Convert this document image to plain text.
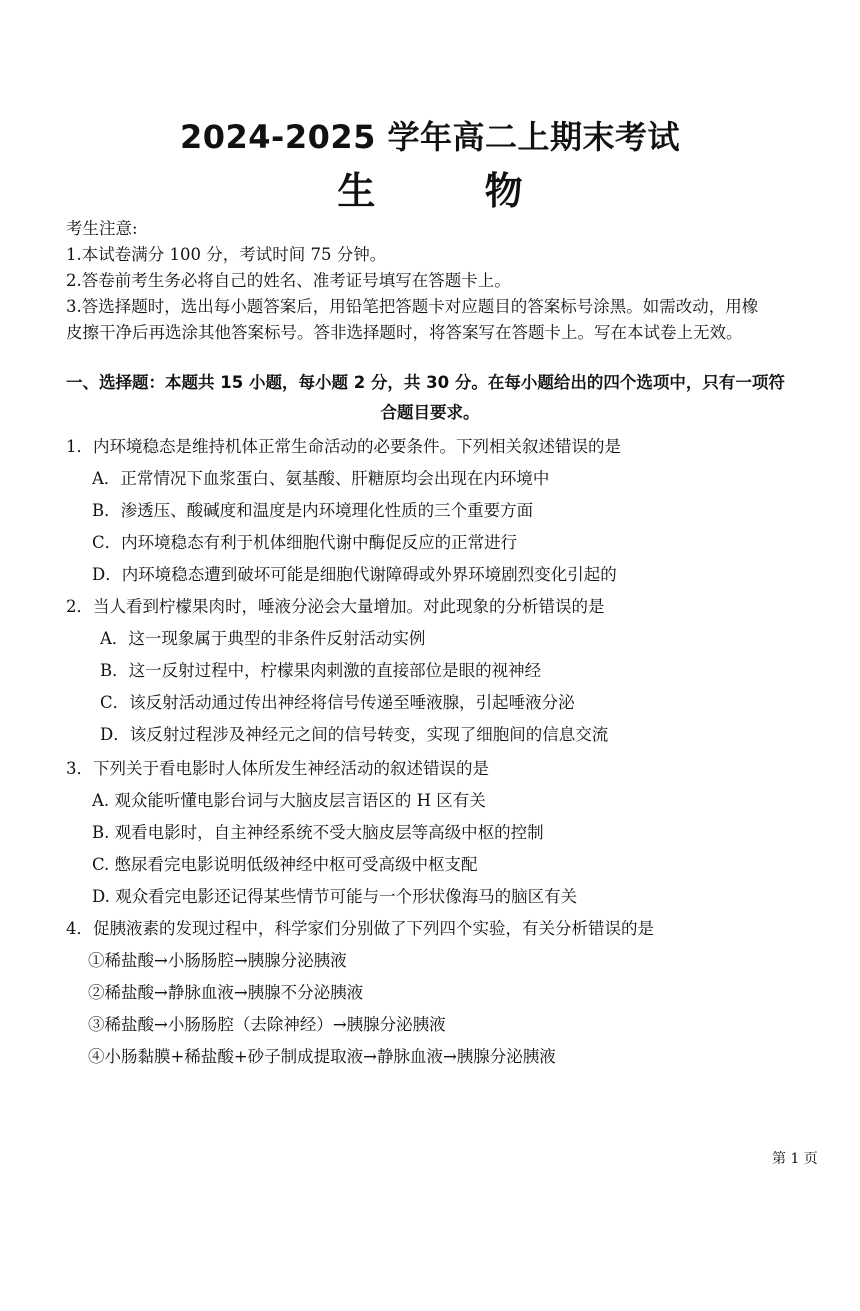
2024-2025 学年高二上期末考试
生 物
考生注意:
1.本试卷满分 100 分，考试时间 75 分钟。
2.答卷前考生务必将自己的姓名、准考证号填写在答题卡上。
3.答选择题时，选出每小题答案后，用铅笔把答题卡对应题目的答案标号涂黑。如需改动，用橡
皮擦干净后再选涂其他答案标号。答非选择题时，将答案写在答题卡上。写在本试卷上无效。
一、选择题：本题共 15 小题，每小题 2 分，共 30 分。在每小题给出的四个选项中，只有一项符
合题目要求。
1．内环境稳态是维持机体正常生命活动的必要条件。下列相关叙述错误的是
A．正常情况下血浆蛋白、氨基酸、肝糖原均会出现在内环境中
B．渗透压、酸碱度和温度是内环境理化性质的三个重要方面
C．内环境稳态有利于机体细胞代谢中酶促反应的正常进行
D．内环境稳态遭到破坏可能是细胞代谢障碍或外界环境剧烈变化引起的
2．当人看到柠檬果肉时，唾液分泌会大量增加。对此现象的分析错误的是
A．这一现象属于典型的非条件反射活动实例
B．这一反射过程中，柠檬果肉刺激的直接部位是眼的视神经
C．该反射活动通过传出神经将信号传递至唾液腺，引起唾液分泌
D．该反射过程涉及神经元之间的信号转变，实现了细胞间的信息交流
3．下列关于看电影时人体所发生神经活动的叙述错误的是
A. 观众能听懂电影台词与大脑皮层言语区的 H 区有关
B. 观看电影时，自主神经系统不受大脑皮层等高级中枢的控制
C. 憋尿看完电影说明低级神经中枢可受高级中枢支配
D. 观众看完电影还记得某些情节可能与一个形状像海马的脑区有关
4．促胰液素的发现过程中，科学家们分别做了下列四个实验，有关分析错误的是
①稀盐酸→小肠肠腔→胰腺分泌胰液
②稀盐酸→静脉血液→胰腺不分泌胰液
③稀盐酸→小肠肠腔（去除神经）→胰腺分泌胰液
④小肠黏膜+稀盐酸+砂子制成提取液→静脉血液→胰腺分泌胰液
第 1 页
